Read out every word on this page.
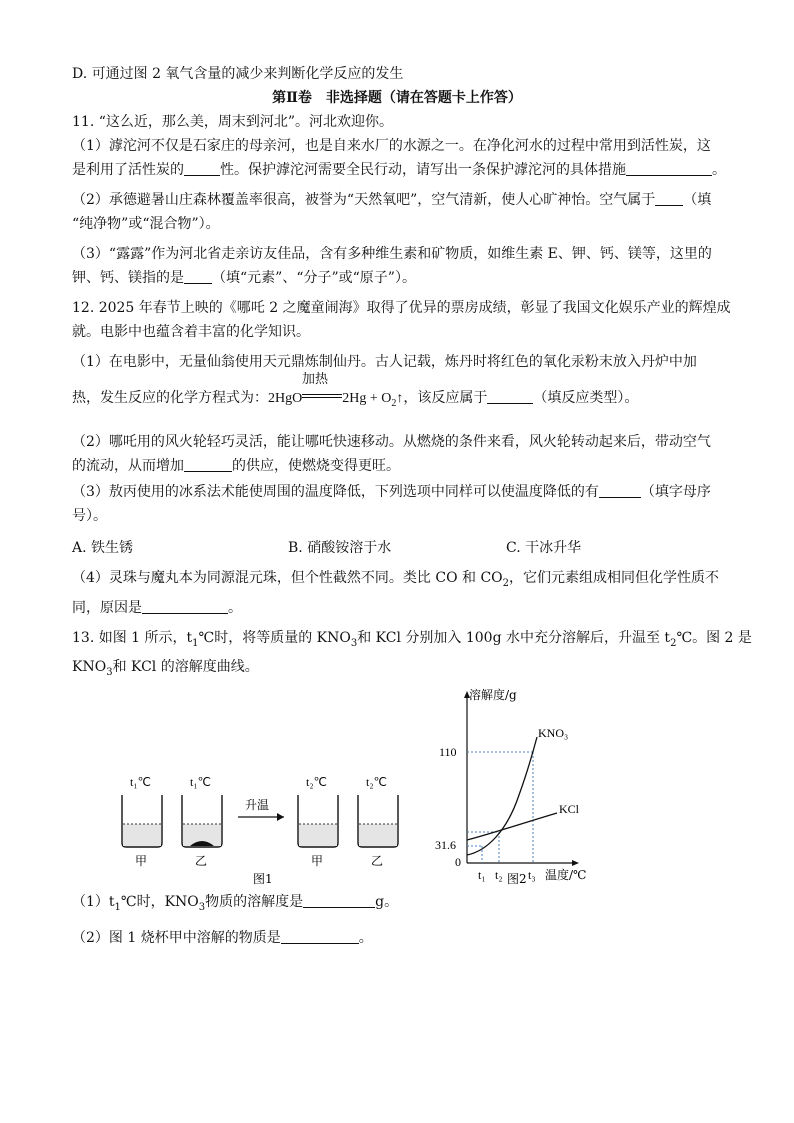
D. 可通过图 2 氧气含量的减少来判断化学反应的发生

第Ⅱ卷　非选择题（请在答题卡上作答）

11. “这么近，那么美，周末到河北”。河北欢迎你。

（1）滹沱河不仅是石家庄的母亲河，也是自来水厂的水源之一。在净化河水的过程中常用到活性炭，这

是利用了活性炭的	性。保护滹沱河需要全民行动，请写出一条保护滹沱河的具体措施	。

（2）承德避暑山庄森林覆盖率很高，被誉为“天然氧吧”，空气清新，使人心旷神怡。空气属于 （填

“纯净物”或“混合物”）。

（3）“露露”作为河北省走亲访友佳品，含有多种维生素和矿物质，如维生素 E、钾、钙、镁等，这里的

钾、钙、镁指的是 （填“元素”、“分子”或“原子”）。

12. 2025 年春节上映的《哪吒 2 之魔童闹海》取得了优异的票房成绩，彰显了我国文化娱乐产业的辉煌成

就。电影中也蕴含着丰富的化学知识。

（1）在电影中，无量仙翁使用天元鼎炼制仙丹。古人记载，炼丹时将红色的氧化汞粉末放入丹炉中加

热，发生反应的化学方程式为：2HgO
加热
$2Hg + O_2↑$，该反应属于	（填反应类型）。

（2）哪吒用的风火轮轻巧灵活，能让哪吒快速移动。从燃烧的条件来看，风火轮转动起来后，带动空气

的流动，从而增加	的供应，使燃烧变得更旺。

（3）敖丙使用的冰系法术能使周围的温度降低，下列选项中同样可以使温度降低的有	（填字母序

号）。

A. 铁生锈	B. 硝酸铵溶于水	C. 干冰升华

（4）灵珠与魔丸本为同源混元珠，但个性截然不同。类比 CO 和 $CO_2$，它们元素组成相同但化学性质不

同，原因是	。

13. 如图 1 所示，$t_1℃$时，将等质量的 $KNO_3$和 KCl 分别加入 100g 水中充分溶解后，升温至 $t_2℃$。图 2 是

$KNO_3$和 KCl 的溶解度曲线。

t₁℃
甲
t₁℃
乙
升温
t₂℃
甲
t₂℃
乙
图1
溶解度/g
温度/℃
110
31.6
0
t₁ t₂ t₃
KNO₃
KCl
图2

$(1)t_1℃$时，$KNO_3$物质的溶解度是	g。

（2）图 1 烧杯甲中溶解的物质是	。
